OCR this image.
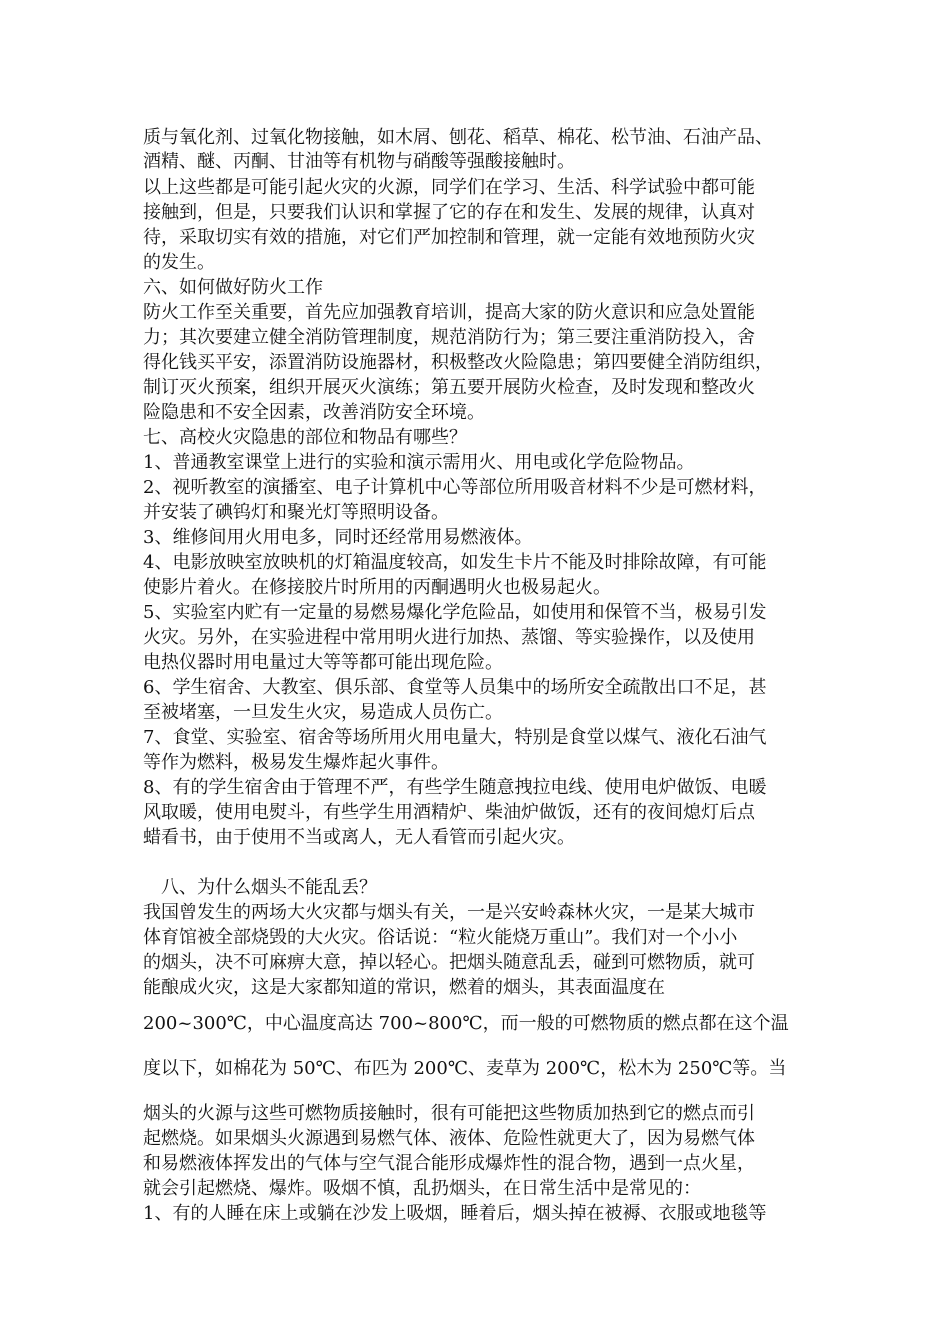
质与氧化剂、过氧化物接触，如木屑、刨花、稻草、棉花、松节油、石油产品、
酒精、醚、丙酮、甘油等有机物与硝酸等强酸接触时。
以上这些都是可能引起火灾的火源，同学们在学习、生活、科学试验中都可能
接触到，但是，只要我们认识和掌握了它的存在和发生、发展的规律，认真对
待，采取切实有效的措施，对它们严加控制和管理，就一定能有效地预防火灾
的发生。
六、如何做好防火工作
防火工作至关重要，首先应加强教育培训，提高大家的防火意识和应急处置能
力；其次要建立健全消防管理制度，规范消防行为；第三要注重消防投入，舍
得化钱买平安，添置消防设施器材，积极整改火险隐患；第四要健全消防组织，
制订灭火预案，组织开展灭火演练；第五要开展防火检查，及时发现和整改火
险隐患和不安全因素，改善消防安全环境。
七、高校火灾隐患的部位和物品有哪些？
1、普通教室课堂上进行的实验和演示需用火、用电或化学危险物品。
2、视听教室的演播室、电子计算机中心等部位所用吸音材料不少是可燃材料，
并安装了碘钨灯和聚光灯等照明设备。
3、维修间用火用电多，同时还经常用易燃液体。
4、电影放映室放映机的灯箱温度较高，如发生卡片不能及时排除故障，有可能
使影片着火。在修接胶片时所用的丙酮遇明火也极易起火。
5、实验室内贮有一定量的易燃易爆化学危险品，如使用和保管不当，极易引发
火灾。另外，在实验进程中常用明火进行加热、蒸馏、等实验操作，以及使用
电热仪器时用电量过大等等都可能出现危险。
6、学生宿舍、大教室、俱乐部、食堂等人员集中的场所安全疏散出口不足，甚
至被堵塞，一旦发生火灾，易造成人员伤亡。
7、食堂、实验室、宿舍等场所用火用电量大，特别是食堂以煤气、液化石油气
等作为燃料，极易发生爆炸起火事件。
8、有的学生宿舍由于管理不严，有些学生随意拽拉电线、使用电炉做饭、电暖
风取暖，使用电熨斗，有些学生用酒精炉、柴油炉做饭，还有的夜间熄灯后点
蜡看书，由于使用不当或离人，无人看管而引起火灾。
　八、为什么烟头不能乱丢？
我国曾发生的两场大火灾都与烟头有关，一是兴安岭森林火灾，一是某大城市
体育馆被全部烧毁的大火灾。俗话说：“粒火能烧万重山”。我们对一个小小
的烟头，决不可麻痹大意，掉以轻心。把烟头随意乱丢，碰到可燃物质，就可
能酿成火灾，这是大家都知道的常识，燃着的烟头，其表面温度在
200~300℃，中心温度高达 700~800℃，而一般的可燃物质的燃点都在这个温
度以下，如棉花为 50℃、布匹为 200℃、麦草为 200℃，松木为 250℃等。当
烟头的火源与这些可燃物质接触时，很有可能把这些物质加热到它的燃点而引
起燃烧。如果烟头火源遇到易燃气体、液体、危险性就更大了，因为易燃气体
和易燃液体挥发出的气体与空气混合能形成爆炸性的混合物，遇到一点火星，
就会引起燃烧、爆炸。吸烟不慎，乱扔烟头，在日常生活中是常见的：
1、有的人睡在床上或躺在沙发上吸烟，睡着后，烟头掉在被褥、衣服或地毯等
